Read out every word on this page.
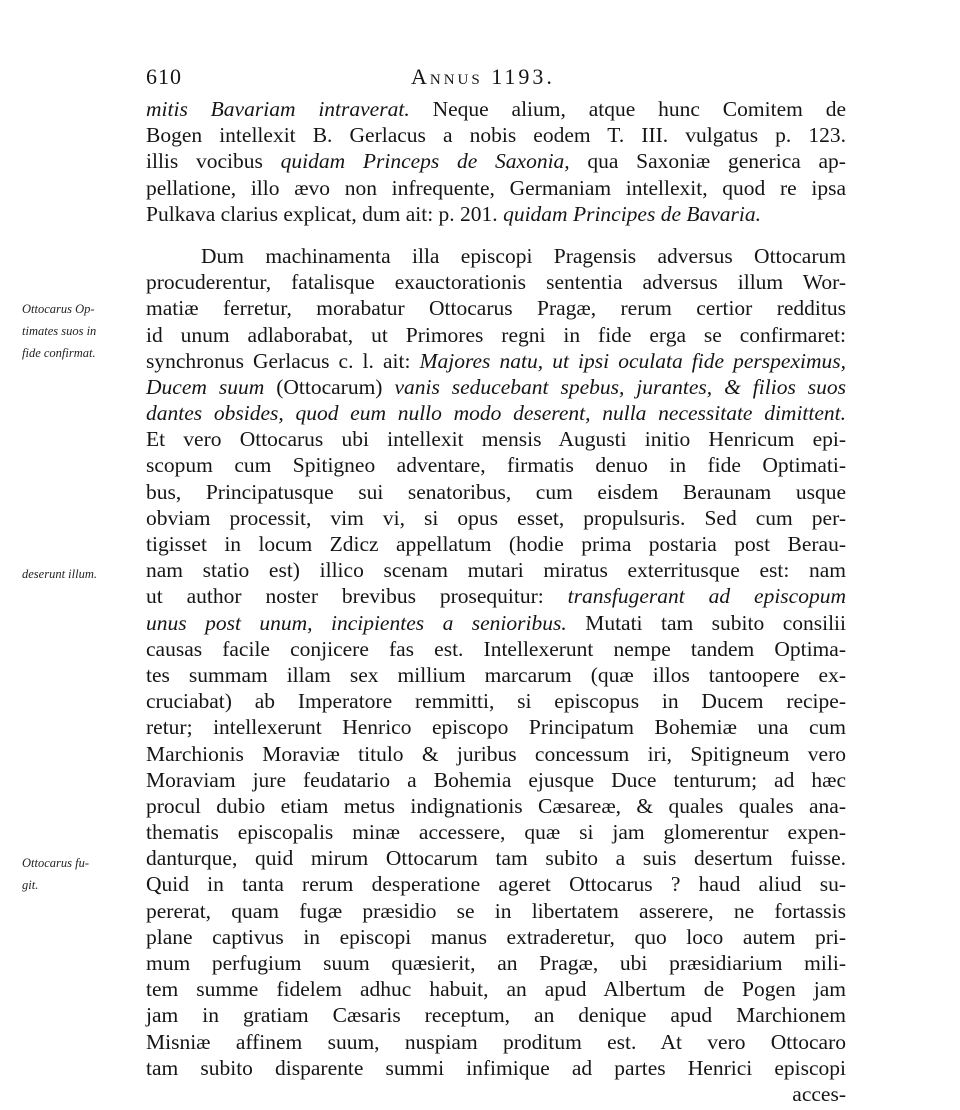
610	Annus 1193.
Ottocarus Op-
timates suos in
fide confirmat.
deserunt illum.
Ottocarus fu-
git.
mitis Bavariam intraverat. Neque alium, atque hunc Comitem de
Bogen intellexit B. Gerlacus a nobis eodem T. III. vulgatus p. 123.
illis vocibus quidam Princeps de Saxonia, qua Saxoniæ generica ap-
pellatione, illo ævo non infrequente, Germaniam intellexit, quod re ipsa
Pulkava clarius explicat, dum ait: p. 201. quidam Principes de Bavaria.
Dum machinamenta illa episcopi Pragensis adversus Ottocarum
procuderentur, fatalisque exauctorationis sententia adversus illum Wor-
matiæ ferretur, morabatur Ottocarus Pragæ, rerum certior redditus
id unum adlaborabat, ut Primores regni in fide erga se confirmaret:
synchronus Gerlacus c. l. ait: Majores natu, ut ipsi oculata fide perspeximus,
Ducem suum (Ottocarum) vanis seducebant spebus, jurantes, & filios suos
dantes obsides, quod eum nullo modo deserent, nulla necessitate dimittent.
Et vero Ottocarus ubi intellexit mensis Augusti initio Henricum epi-
scopum cum Spitigneo adventare, firmatis denuo in fide Optimati-
bus, Principatusque sui senatoribus, cum eisdem Beraunam usque
obviam processit, vim vi, si opus esset, propulsuris. Sed cum per-
tigisset in locum Zdicz appellatum (hodie prima postaria post Berau-
nam statio est) illico scenam mutari miratus exterritusque est: nam
ut author noster brevibus prosequitur: transfugerant ad episcopum
unus post unum, incipientes a senioribus. Mutati tam subito consilii
causas facile conjicere fas est. Intellexerunt nempe tandem Optima-
tes summam illam sex millium marcarum (quæ illos tantoopere ex-
cruciabat) ab Imperatore remmitti, si episcopus in Ducem recipe-
retur; intellexerunt Henrico episcopo Principatum Bohemiæ una cum
Marchionis Moraviæ titulo & juribus concessum iri, Spitigneum vero
Moraviam jure feudatario a Bohemia ejusque Duce tenturum; ad hæc
procul dubio etiam metus indignationis Cæsareæ, & quales quales ana-
thematis episcopalis minæ accessere, quæ si jam glomerentur expen-
danturque, quid mirum Ottocarum tam subito a suis desertum fuisse.
Quid in tanta rerum desperatione ageret Ottocarus ? haud aliud su-
pererat, quam fugæ præsidio se in libertatem asserere, ne fortassis
plane captivus in episcopi manus extraderetur, quo loco autem pri-
mum perfugium suum quæsierit, an Pragæ, ubi præsidiarium mili-
tem summe fidelem adhuc habuit, an apud Albertum de Pogen jam
jam in gratiam Cæsaris receptum, an denique apud Marchionem
Misniæ affinem suum, nuspiam proditum est. At vero Ottocaro
tam subito disparente summi infimique ad partes Henrici episcopi
acces-
